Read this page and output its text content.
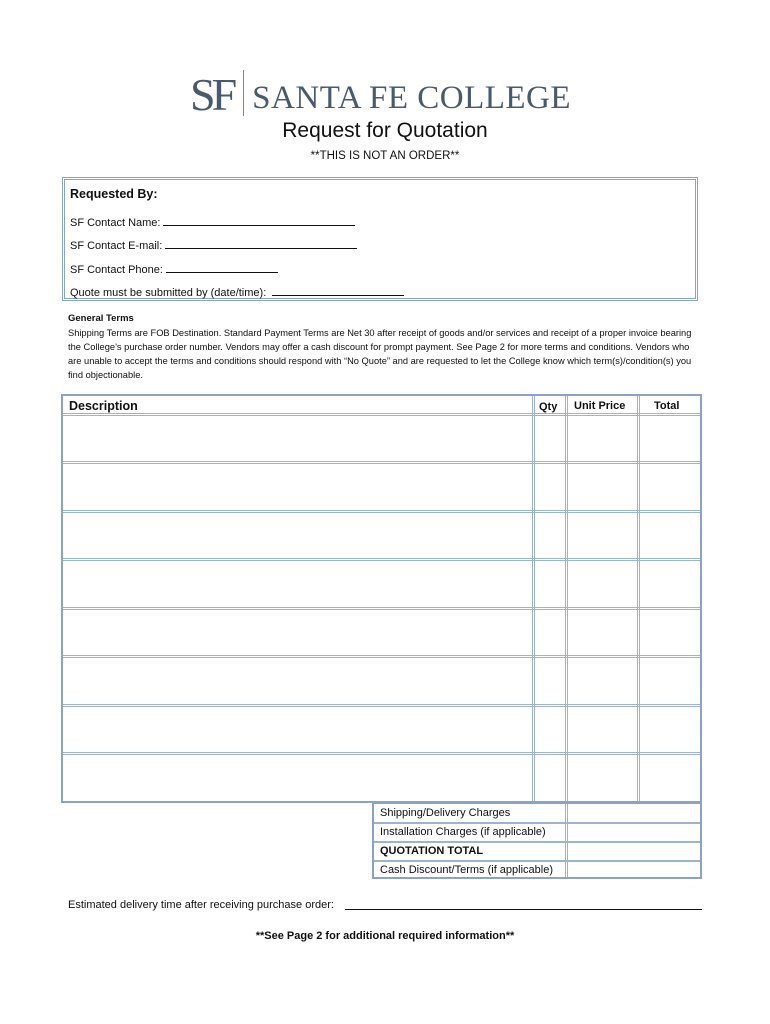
SF SANTA FE COLLEGE
Request for Quotation
**THIS IS NOT AN ORDER**
Requested By:
SF Contact Name:
SF Contact E-mail:
SF Contact Phone:
Quote must be submitted by (date/time):
General Terms
Shipping Terms are FOB Destination. Standard Payment Terms are Net 30 after receipt of goods and/or services and receipt of a proper invoice bearing the College’s purchase order number. Vendors may offer a cash discount for prompt payment. See Page 2 for more terms and conditions. Vendors who are unable to accept the terms and conditions should respond with “No Quote” and are requested to let the College know which term(s)/condition(s) you find objectionable.
Description	Qty Unit Price	Total
Shipping/Delivery Charges
Installation Charges (if applicable)
QUOTATION TOTAL
Cash Discount/Terms (if applicable)
Estimated delivery time after receiving purchase order:
**See Page 2 for additional required information**
